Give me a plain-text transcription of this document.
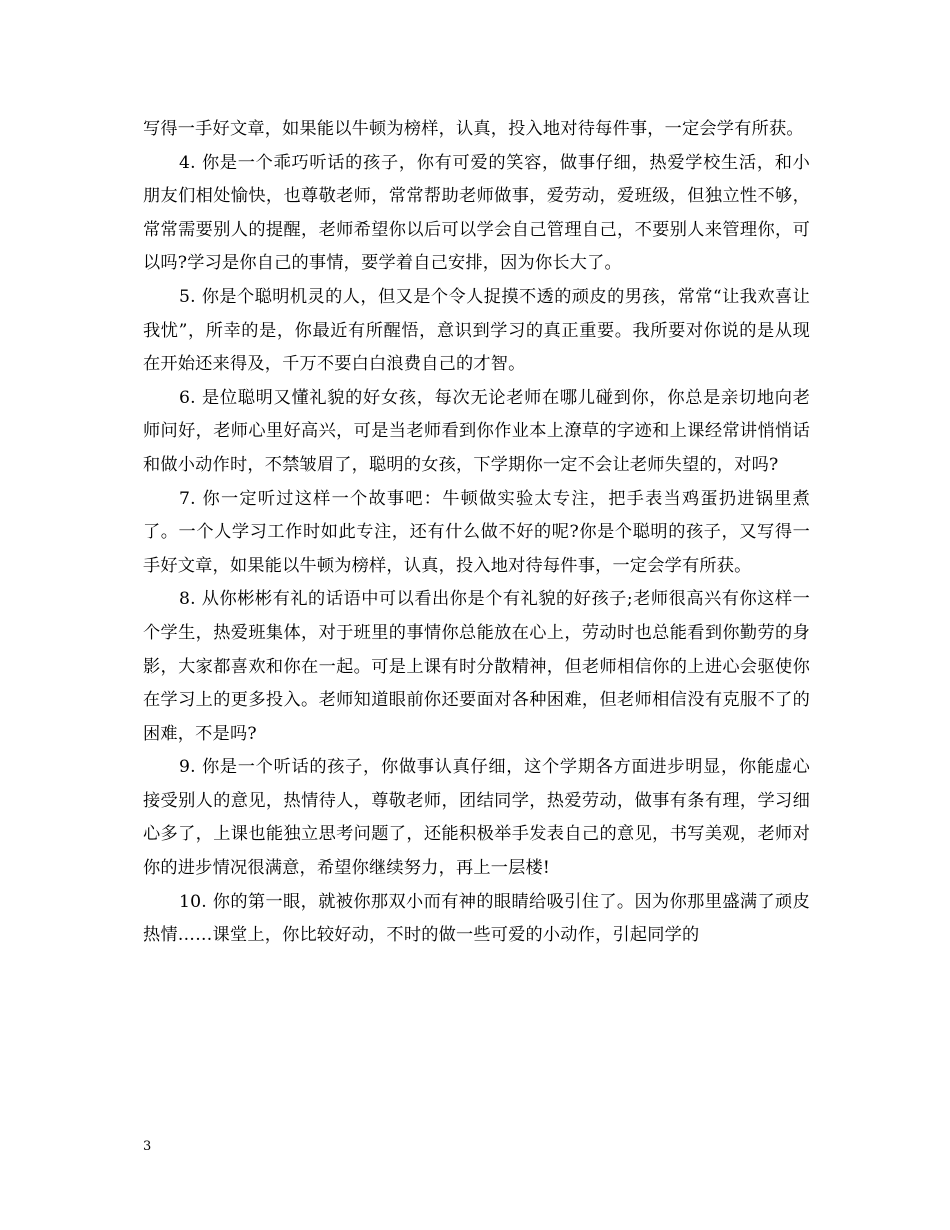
写得一手好文章，如果能以牛顿为榜样，认真，投入地对待每件事，一定会学有所获。

4. 你是一个乖巧听话的孩子，你有可爱的笑容，做事仔细，热爱学校生活，和小朋友们相处愉快，也尊敬老师，常常帮助老师做事，爱劳动，爱班级，但独立性不够，常常需要别人的提醒，老师希望你以后可以学会自己管理自己，不要别人来管理你，可以吗?学习是你自己的事情，要学着自己安排，因为你长大了。

5. 你是个聪明机灵的人，但又是个令人捉摸不透的顽皮的男孩，常常“让我欢喜让我忧”，所幸的是，你最近有所醒悟，意识到学习的真正重要。我所要对你说的是从现在开始还来得及，千万不要白白浪费自己的才智。

6. 是位聪明又懂礼貌的好女孩，每次无论老师在哪儿碰到你，你总是亲切地向老师问好，老师心里好高兴，可是当老师看到你作业本上潦草的字迹和上课经常讲悄悄话和做小动作时，不禁皱眉了，聪明的女孩，下学期你一定不会让老师失望的，对吗?

7. 你一定听过这样一个故事吧：牛顿做实验太专注，把手表当鸡蛋扔进锅里煮了。一个人学习工作时如此专注，还有什么做不好的呢?你是个聪明的孩子，又写得一手好文章，如果能以牛顿为榜样，认真，投入地对待每件事，一定会学有所获。

8. 从你彬彬有礼的话语中可以看出你是个有礼貌的好孩子;老师很高兴有你这样一个学生，热爱班集体，对于班里的事情你总能放在心上，劳动时也总能看到你勤劳的身影，大家都喜欢和你在一起。可是上课有时分散精神，但老师相信你的上进心会驱使你在学习上的更多投入。老师知道眼前你还要面对各种困难，但老师相信没有克服不了的困难，不是吗?

9. 你是一个听话的孩子，你做事认真仔细，这个学期各方面进步明显，你能虚心接受别人的意见，热情待人，尊敬老师，团结同学，热爱劳动，做事有条有理，学习细心多了，上课也能独立思考问题了，还能积极举手发表自己的意见，书写美观，老师对你的进步情况很满意，希望你继续努力，再上一层楼!

10. 你的第一眼，就被你那双小而有神的眼睛给吸引住了。因为你那里盛满了顽皮热情……课堂上，你比较好动，不时的做一些可爱的小动作，引起同学的

3
